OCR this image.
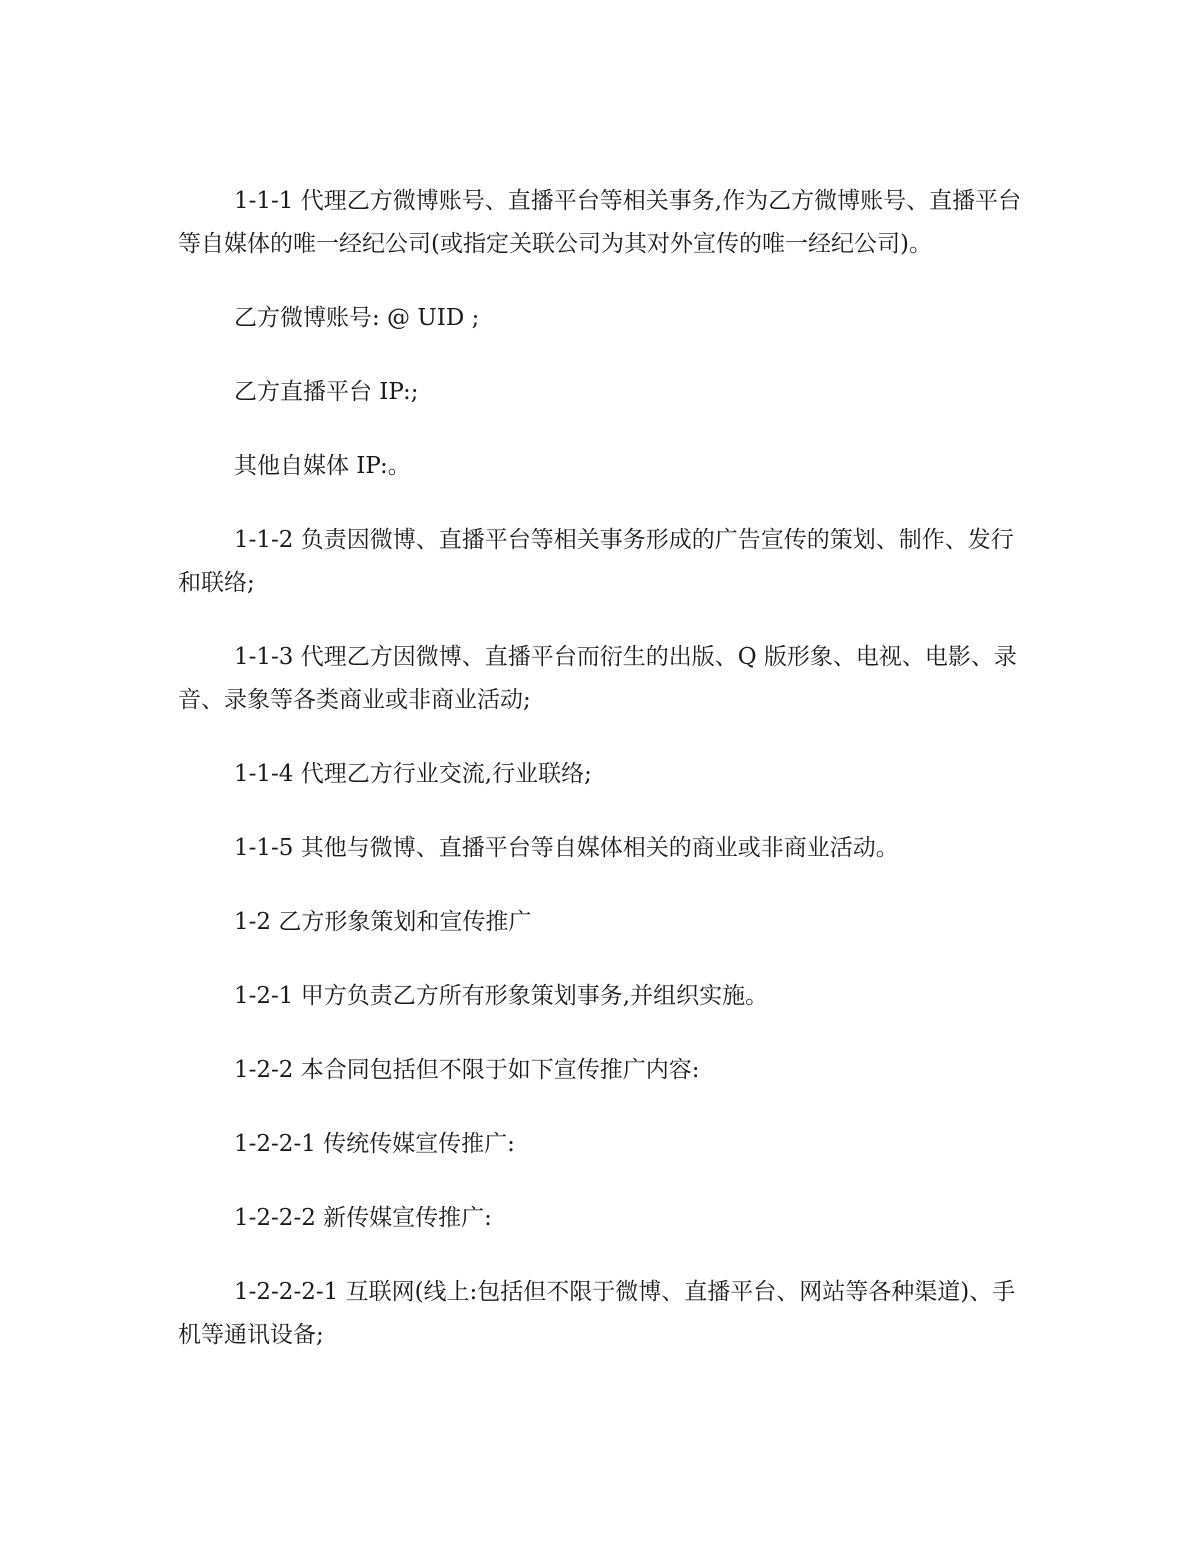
1-1-1 代理乙方微博账号、直播平台等相关事务,作为乙方微博账号、直播平台等自媒体的唯一经纪公司(或指定关联公司为其对外宣传的唯一经纪公司)。

乙方微博账号: @ UID ;

乙方直播平台 IP:;

其他自媒体 IP:。

1-1-2 负责因微博、直播平台等相关事务形成的广告宣传的策划、制作、发行和联络;

1-1-3 代理乙方因微博、直播平台而衍生的出版、Q 版形象、电视、电影、录音、录象等各类商业或非商业活动;

1-1-4 代理乙方行业交流,行业联络;

1-1-5 其他与微博、直播平台等自媒体相关的商业或非商业活动。

1-2 乙方形象策划和宣传推广

1-2-1 甲方负责乙方所有形象策划事务,并组织实施。

1-2-2 本合同包括但不限于如下宣传推广内容:

1-2-2-1 传统传媒宣传推广:

1-2-2-2 新传媒宣传推广:

1-2-2-2-1 互联网(线上:包括但不限于微博、直播平台、网站等各种渠道)、手机等通讯设备;
